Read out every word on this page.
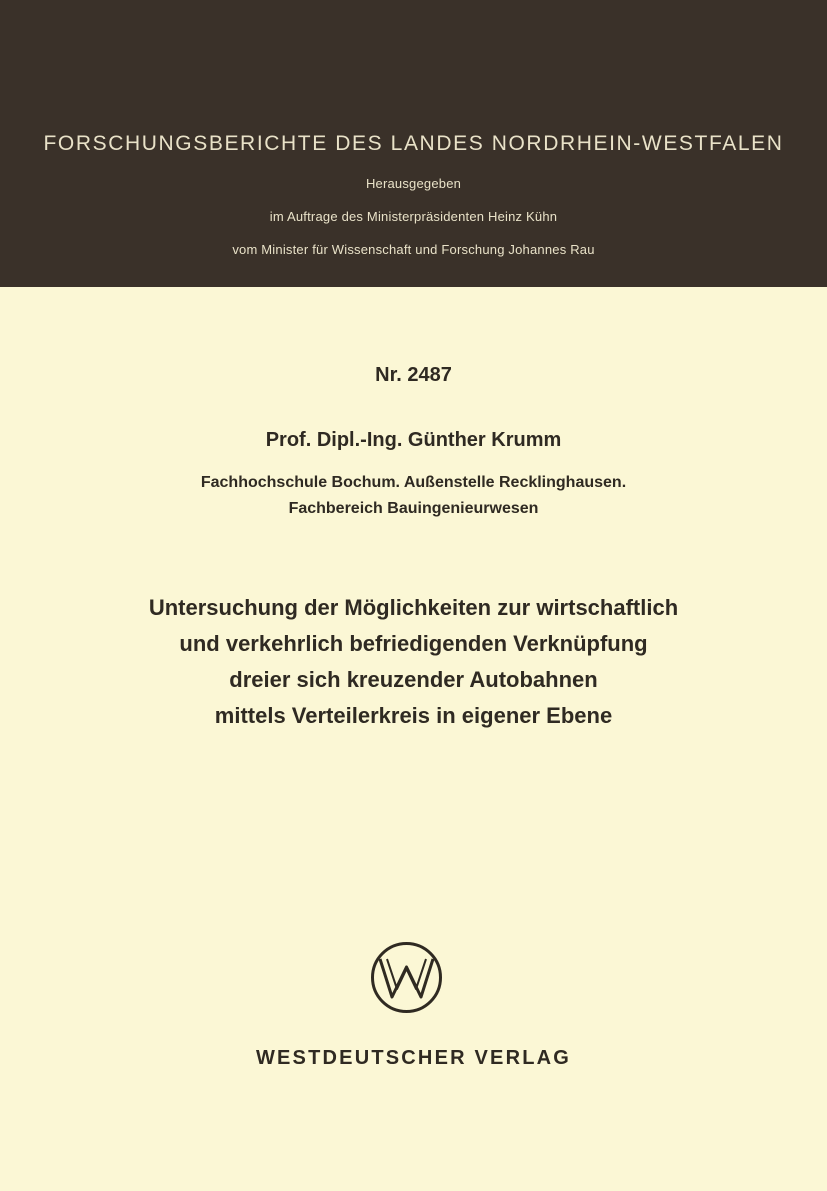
FORSCHUNGSBERICHTE DES LANDES NORDRHEIN-WESTFALEN
Herausgegeben
im Auftrage des Ministerpräsidenten Heinz Kühn
vom Minister für Wissenschaft und Forschung Johannes Rau
Nr. 2487
Prof. Dipl.-Ing. Günther Krumm
Fachhochschule Bochum. Außenstelle Recklinghausen.
Fachbereich Bauingenieurwesen
Untersuchung der Möglichkeiten zur wirtschaftlich
und verkehrlich befriedigenden Verknüpfung
dreier sich kreuzender Autobahnen
mittels Verteilerkreis in eigener Ebene
WESTDEUTSCHER VERLAG
